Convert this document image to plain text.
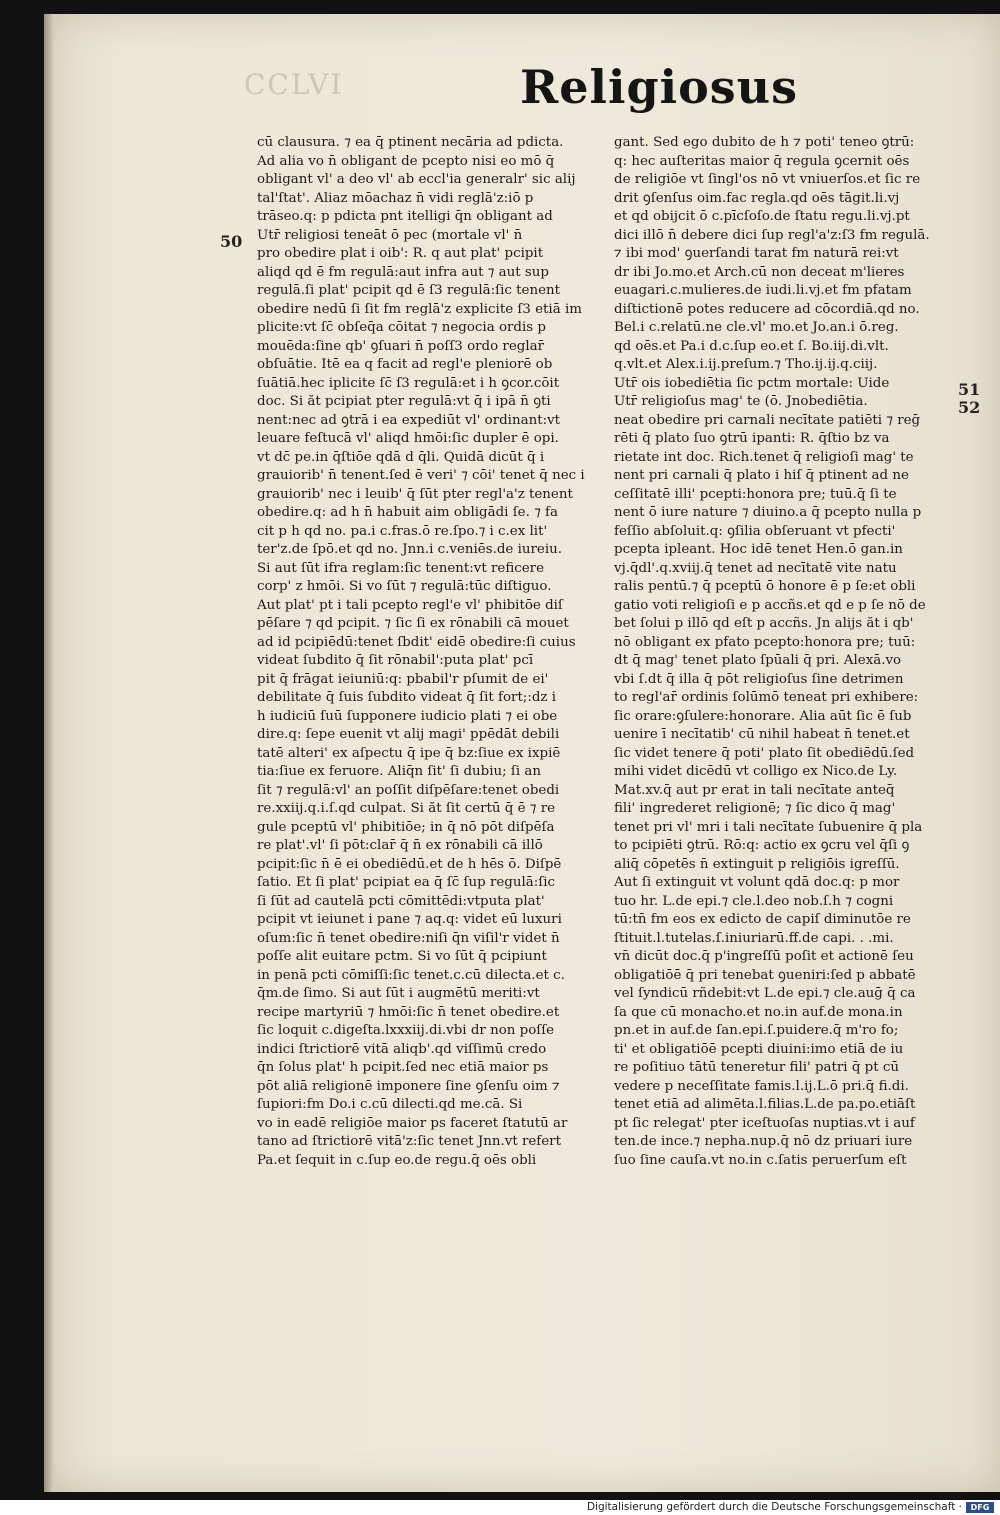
CCLVI	Religiosus
50
51
52
cū clausura. ⁊ ea q̄ ptinent necāria ad pdicta.
Ad alia vo n̄ obligant̄ de pcepto nisi eo mō q̄
obligant̄ vl' a deo vl' ab eccl'ia generalr' sic alij
tal'ſtat'. Aliaz mōachaz n̄ vidi reglā'z:iō p
trāseo.q: p pdicta pnt̄ itelligi q̄n obligant ad
Utr̄ religiosi teneāt̄ ō pec (mortale vl' n̄
pro obedire plat̄ i oib': R. q aut plat' pcipit
aliqd qd ē fm regulā:aut infra aut ⁊ aut sup
regulā.ſi plat' pcipit qd ē ſ3 regulā:ſic tenent̄
obedire nedū ſi ſit fm reglā'z explicite ſ3 etiā im
plicite:vt ſc̄ obſeq̄a cōitat̄ ⁊ negocia ordis p
mouēda:ſine qb' ꝯſuari n̄ poſſ3 ordo reglar̄
obſuātie. Itē ea q facit̄ ad regl'e pleniorē ob
ſuātiā.hec iplicite ſc̄ ſ3 regulā:et i h̄ ꝯcor.cōit̄
doc. Si ăt pcipiat pter regulā:vt q̄ i ipā n̄ ꝯti
nent̄:nec ad ꝯtrā i ea expediūt̄ vl' ordinant̄:vt
leuare feſtucā vl' aliqd hmōi:ſic dupler ē opi.
vt dc̄ pe.in q̄ſtiōe qdā d̄ q̄li. Quidā dicūt q̄ i
grauiorib' n̄ tenent̄.ſed ē veri' ⁊ cōi' tenet̄ q̄ nec i
grauiorib' nec i leuib' q̄ ſūt pter regl'a'z tenent̄
obedire.q: ad h̄ n̄ habuit aim obligādi ſe. ⁊ fa
cit p h̄ qd no. pa.i c.fras.ō re.ſpo.⁊ i c.ex lit'
ter'z.de ſpō.et qd no. Jnn.i c.veniēs.de iureiu.
Si aut ſūt ifra reglam:ſic tenent̄:vt reficere
corp' z hmōi. Si vo ſūt ⁊ regulā:tūc diſtiguo.
Aut plat' pt i tali pcepto regl'e vl' phibitōe diſ
pēſare ⁊ qd pcipit. ⁊ ſic ſi ex rōnabili cā mouet̄
ad id pcipiēdū:tenet̄ ſbdit' eidē obedire:ſi cuius
videat̄ ſubdito q̄ ſit rōnabil':puta plat' pcī
pit q̄ frāgat ieiuniū:q: pbabil'r pſumit de ei'
debilitate q̄ ſuis ſubdito videat̄ q̄ ſit fort;:dz i
h̄ iudiciū ſuū ſupponere iudicio plati ⁊ ei obe
dire.q: ſepe euenit vt alij magi' ppēdāt debili
tatē alteri' ex aſpectu q̄ ipe q̄ bz:ſiue ex ixpiē
tia:ſiue ex feruore. Aliq̄n ſit' ſi dubiu; ſi an
ſit ⁊ regulā:vl' an poſſit diſpēſare:tenet̄ obedi
re.xxiij.q.i.ſ.qd culpat̄. Si ăt ſit certū q̄ ē ⁊ re
gule pceptū vl' phibitiōe; in q̄ nō pōt diſpēſa
re plat'.vl' ſi pōt:clar̄ q̄ n̄ ex rōnabili cā illō
pcipit:ſic n̄ ē ei obediēdū.et de h̄ hēs ō. Diſpē
ſatio. Et ſi plat' pcipiat ea q̄ ſc̄ ſup regulā:ſic
ſi ſūt ad cautelā pcti cōmittēdi:vtputa plat'
pcipit vt ieiunet i pane ⁊ aq.q: videt eū luxuri
oſum:ſic n̄ tenet̄ obedire:niſi q̄n viſil'r videt n̄
poſſe alit̄ euitare pctm. Si vo ſūt q̄ pcipiunt̄
in penā pcti cōmiſſi:ſic tenet̄.c.cū dilecta.et c.
q̄m.de ſimo. Si aut ſūt i augmētū meriti:vt
recipe martyriū ⁊ hmōi:ſic n̄ tenet̄ obedire.et
ſic loquit̄ c.digeſta.lxxxiij.di.vbi dr non poſſe
indici ſtrictiorē vitā aliqb'.qd viſſimū credo
q̄n ſolus plat' h̄ pcipit.ſed nec etiā maior ps
pōt aliā religionē imponere ſine ꝯſenſu oim ⁊
ſupiori:fm Do.i c.cū dilecti.qd me.cā. Si
vo in eadē religiōe maior ps faceret ſtatutū ar
tano ad ſtrictiorē vitā'z:ſic tenet Jnn.vt refert
Pa.et ſequit̄ in c.ſup eo.de regu.q̄ oēs obli
gant̄. Sed ego dubito de h̄ ⁊ poti' teneo ꝯtrū:
q: hec auſteritas maior q̄ regula ꝯcernit oēs
de religiōe vt ſingl'os nō vt vniuerſos.et ſic re
drit̄ ꝯſenſus oim.fac regla.qd oēs tāgit.li.vj
et qd obijcit̄ ō c.pīcſoſo.de ſtatu regu.li.vj.pt
dici illō n̄ debere dici ſup regl'a'z:ſ3 fm regulā.
⁊ ibi mod' ꝯuerſandi tarat̄ fm naturā rei:vt
dr ibi Jo.mo.et Arch.cū non deceat m'lieres
euagari.c.mulieres.de iudi.li.vj.et fm pfatam
diſtictionē potes reducere ad cōcordiā.qd no.
Bel.i c.relatū.ne cle.vl' mo.et Jo.an.i ō.reg.
qd oēs.et Pa.i d.c.ſup eo.et ſ. Bo.iij.di.vlt.
q.vlt.et Alex.i.ij.preſum.⁊ Tho.ij.ij.q.ciij.
Utr̄ ois iobediētia ſic pctm mortale: Uide
Utr̄ religioſus mag' te (ō. Jnobediētia.
neat̄ obedire pri carnali necītate patiēti ⁊ reḡ
rēti q̄ plato ſuo ꝯtrū ipanti: R. q̄ſtio bz va
rietate int̄ doc. Rich.tenet̄ q̄ religioſi mag' te
nent̄ pri carnali q̄ plato i hiſ q̄ ptinent ad ne
ceſſitatē illi' pcepti:honora pre; tuū.q̄ ſi te
nent̄ ō iure nature ⁊ diuino.a q̄ pcepto nulla p
feſſio abſoluit.q: ꝯſilia obſeruant̄ vt pfecti'
pcepta ipleant̄. Hoc idē tenet Hen.ō gan.in
vj.q̄dl'.q.xviij.q̄ tenet̄ ad necītatē vite natu
ralis pentū.⁊ q̄ pceptū ō honore ē p ſe:et obli
gatio voti religioſi e p accñs.et qd e p ſe nō de
bet ſolui p illō qd eſt p accñs. Jn alijs ăt i qb'
nō obligant̄ ex pfato pcepto:honora pre; tuū:
dt q̄ mag' tenet̄ plato ſpūali q̄ pri. Alexā.vo
vbi ſ.dt q̄ illa q̄ pōt religioſus ſine detrimen
to regl'ar̄ ordinis ſolūmō teneat̄ pri exhibere:
ſic orare:ꝯſulere:honorare. Alia aūt ſic ē ſub
uenire ī necītatib' cū nihil habeat n̄ tenet̄.et
ſic videt̄ tenere q̄ poti' plato ſit obediēdū.ſed
mihi videt̄ dicēdū vt colligo ex Nico.de Ly.
Mat.xv.q̄ aut pr erat in tali necītate anteq̄
fili' ingrederet̄ religionē; ⁊ ſic dico q̄ mag'
tenet̄ pri vl' mri i tali necītate ſubuenire q̄ pla
to pcipiēti ꝯtrū. Rō:q: actio ex ꝯcru vel q̄ſi ꝯ
aliq̄ cōpetēs n̄ extinguit̄ p religiōis igreſſū.
Aut ſi extinguit̄ vt volunt qdā doc.q: p mor
tuo h̄r. L.de epi.⁊ cle.l.deo nob.ſ.h̄ ⁊ cogni
tū:tn̄ fm eos ex edicto de capiſ diminutōe re
ſtituit̄.l.tutelas.ſ.iniuriarū.ff.de capi. . .mi.
vn̄ dicūt doc.q̄ p'ingreſſū poſit et actionē ſeu
obligatiōē q̄ pri tenebat̄ ꝯueniri:ſed p abbatē
vel ſyndicū rñdebit:vt L.de epi.⁊ cle.auḡ q̄ ca
ſa que cū monacho.et no.in auf.de mona.in
pn.et in auf.de ſan.epi.ſ.puidere.q̄ m'ro fo;
ti' et obligatiōē pcepti diuini:imo etiā de iu
re poſitiuo tātū teneretur fili' patri q̄ pt cū
vedere p neceſſitate famis.l.ij.L.ō pri.q̄ fi.di.
tenet̄ etiā ad alimēta.l.filias.L.de pa.po.etiāſt
pt ſic relegat' pter iceſtuoſas nuptias.vt i auf
ten.de ince.⁊ nepha.nup.q̄ nō dz priuari iure
ſuo ſine cauſa.vt no.in c.ſatis peruerſum eſt
Digitalisierung gefördert durch die Deutsche Forschungsgemeinschaft ·	DFG
